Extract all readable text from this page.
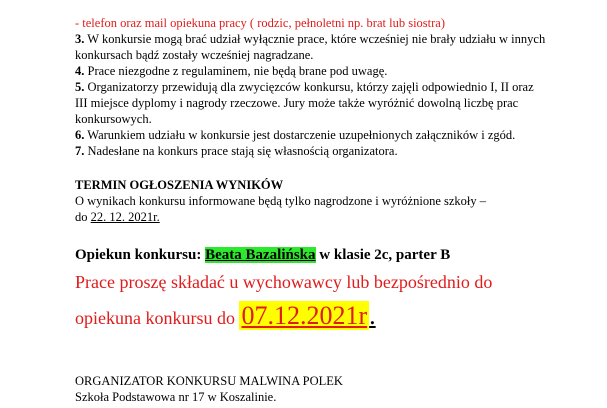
- telefon oraz mail opiekuna pracy ( rodzic, pełnoletni np. brat lub siostra)
3. W konkursie mogą brać udział wyłącznie prace, które wcześniej nie brały udziału w innych
konkursach bądź zostały wcześniej nagradzane.
4. Prace niezgodne z regulaminem, nie będą brane pod uwagę.
5. Organizatorzy przewidują dla zwycięzców konkursu, którzy zajęli odpowiednio I, II oraz
III miejsce dyplomy i nagrody rzeczowe. Jury może także wyróżnić dowolną liczbę prac
konkursowych.
6. Warunkiem udziału w konkursie jest dostarczenie uzupełnionych załączników i zgód.
7. Nadesłane na konkurs prace stają się własnością organizatora.
TERMIN OGŁOSZENIA WYNIKÓW
O wynikach konkursu informowane będą tylko nagrodzone i wyróżnione szkoły –
do 22. 12. 2021r.
Opiekun konkursu: Beata Bazalińska w klasie 2c, parter B
Prace proszę składać u wychowawcy lub bezpośrednio do
opiekuna konkursu do 07.12.2021r.
ORGANIZATOR KONKURSU MALWINA POLEK
Szkoła Podstawowa nr 17 w Koszalinie.
